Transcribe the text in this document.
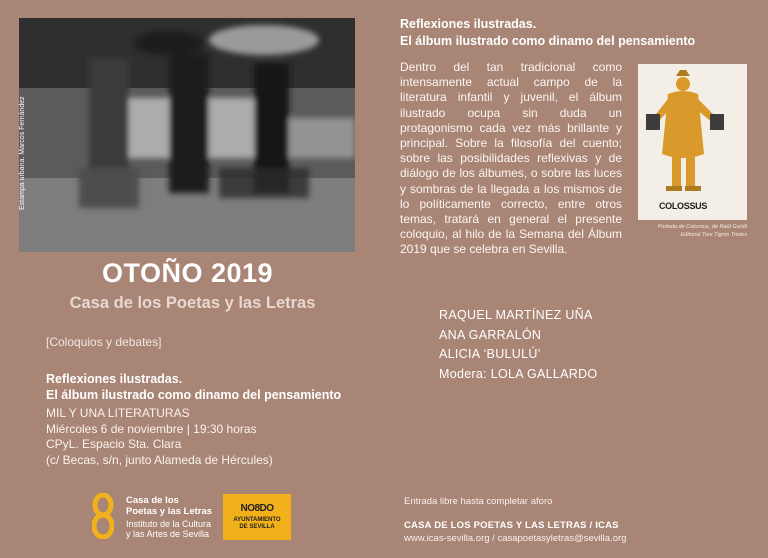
Estampa urbana. Marcos Fernández
OTOÑO 2019
Casa de los Poetas y las Letras
[Coloquios y debates]
Reflexiones ilustradas.
El álbum ilustrado como dinamo del pensamiento
MIL Y UNA LITERATURAS
Miércoles 6 de noviembre | 19:30 horas
CPyL. Espacio Sta. Clara
(c/ Becas, s/n, junto Alameda de Hércules)
Reflexiones ilustradas.
El álbum ilustrado como dinamo del pensamiento
Dentro del tan tradicional como intensamente actual campo de la literatura infantil y juvenil, el álbum ilustrado ocupa sin duda un protagonismo cada vez más brillante y principal. Sobre la filosofía del cuento; sobre las posibilidades reflexivas y de diálogo de los álbumes, o sobre las luces y sombras de la llegada a los mismos de lo políticamente correcto, entre otros temas, tratará en general el presente coloquio, al hilo de la Semana del Álbum 2019 que se celebra en Sevilla.
COLOSSUS
Portada de Colussus, de Raúl Guridi
Editorial Tres Tigres Tristes
RAQUEL MARTÍNEZ UÑA
ANA GARRALÓN
ALICIA ‘BULULÚ’
Modera: LOLA GALLARDO
Casa de los
Poetas y las Letras
Instituto de la Cultura
y las Artes de Sevilla
NO8DO
AYUNTAMIENTO
DE SEVILLA
Entrada libre hasta completar aforo
CASA DE LOS POETAS Y LAS LETRAS / ICAS
www.icas-sevilla.org / casapoetasyletras@sevilla.org
